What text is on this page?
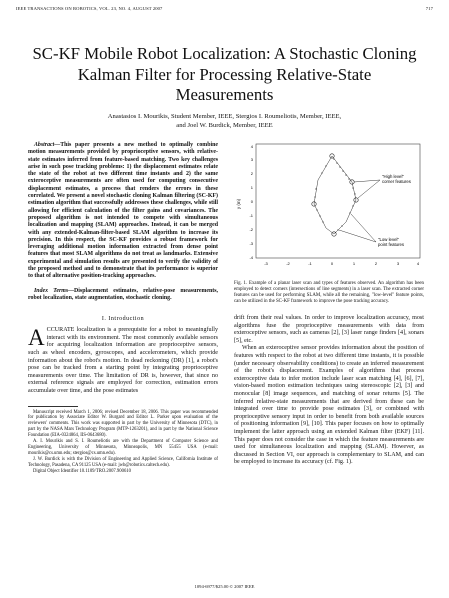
IEEE TRANSACTIONS ON ROBOTICS, VOL. 23, NO. 4, AUGUST 2007	717
SC-KF Mobile Robot Localization: A Stochastic Cloning Kalman Filter for Processing Relative-State Measurements
Anastasios I. Mourikis, Student Member, IEEE, Stergios I. Roumeliotis, Member, IEEE,
and Joel W. Burdick, Member, IEEE

Abstract—This paper presents a new method to optimally combine motion measurements provided by proprioceptive sensors, with relative-state estimates inferred from feature-based matching. Two key challenges arise in such pose tracking problems: 1) the displacement estimates relate the state of the robot at two different time instants and 2) the same exteroceptive measurements are often used for computing consecutive displacement estimates, a process that renders the errors in these correlated. We present a novel stochastic cloning Kalman filtering (SC-KF) estimation algorithm that successfully addresses these challenges, while still allowing for efficient calculation of the filter gains and covariances. The proposed algorithm is not intended to compete with simultaneous localization and mapping (SLAM) approaches. Instead, it can be merged with any extended-Kalman-filter-based SLAM algorithm to increase its precision. In this respect, the SC-KF provides a robust framework for leveraging additional motion information extracted from dense point features that most SLAM algorithms do not treat as landmarks. Extensive experimental and simulation results are presented to verify the validity of the proposed method and to demonstrate that its performance is superior to that of alternative position-tracking approaches.

Index Terms—Displacement estimates, relative-pose measurements, robot localization, state augmentation, stochastic cloning.

I. Introduction

ACCURATE localization is a prerequisite for a robot to meaningfully interact with its environment. The most commonly available sensors for acquiring localization information are proprioceptive sensors, such as wheel encoders, gyroscopes, and accelerometers, which provide information about the robot's motion. In dead reckoning (DR) [1], a robot's pose can be tracked from a starting point by integrating proprioceptive measurements over time. The limitation of DR is, however, that since no external reference signals are employed for correction, estimation errors accumulate over time, and the pose estimates

Manuscript received March 1, 2006; revised December 18, 2006. This paper was recommended for publication by Associate Editor W. Burgard and Editor L. Parker upon evaluation of the reviewers' comments. This work was supported in part by the University of Minnesota (DTC), in part by the NASA Mars Technology Program (MTP-1263201), and in part by the National Science Foundation (EIA-0324864, IIS-0643680).

A. I. Mourikis and S. I. Roumeliotis are with the Department of Computer Science and Engineering, University of Minnesota, Minneapolis, MN 55455 USA (e-mail: mourikis@cs.umn.edu; stergios@cs.umn.edu).

J. W. Burdick is with the Division of Engineering and Applied Science, California Institute of Technology, Pasadena, CA 91125 USA (e-mail: jwb@robotics.caltech.edu).

Digital Object Identifier 10.1109/TRO.2007.900610

y (m)
4
3
2
1
0
-1
-2
-3
-4
-3	-2	-1	0	1	2	3	4
"High level"
corner features
"Low level"
point features

Fig. 1. Example of a planar laser scan and types of features observed. An algorithm has been employed to detect corners (intersections of line segments) in a laser scan. The extracted corner features can be used for performing SLAM, while all the remaining, "low-level" feature points, can be utilized in the SC-KF framework to improve the pose tracking accuracy.

drift from their real values. In order to improve localization accuracy, most algorithms fuse the proprioceptive measurements with data from exteroceptive sensors, such as cameras [2], [3] laser range finders [4], sonars [5], etc.

When an exteroceptive sensor provides information about the position of features with respect to the robot at two different time instants, it is possible (under necessary observability conditions) to create an inferred measurement of the robot's displacement. Examples of algorithms that process exteroceptive data to infer motion include laser scan matching [4], [6], [7], vision-based motion estimation techniques using stereoscopic [2], [3] and monocular [8] image sequences, and matching of sonar returns [5]. The inferred relative-state measurements that are derived from these can be integrated over time to provide pose estimates [3], or combined with proprioceptive sensory input in order to benefit from both available sources of positioning information [9], [10]. This paper focuses on how to optimally implement the latter approach using an extended Kalman filter (EKF) [11]. This paper does not consider the case in which the feature measurements are used for simultaneous localization and mapping (SLAM). However, as discussed in Section VI, our approach is complementary to SLAM, and can be employed to increase its accuracy (cf. Fig. 1).

1094-6977/$25.00 © 2007 IEEE
